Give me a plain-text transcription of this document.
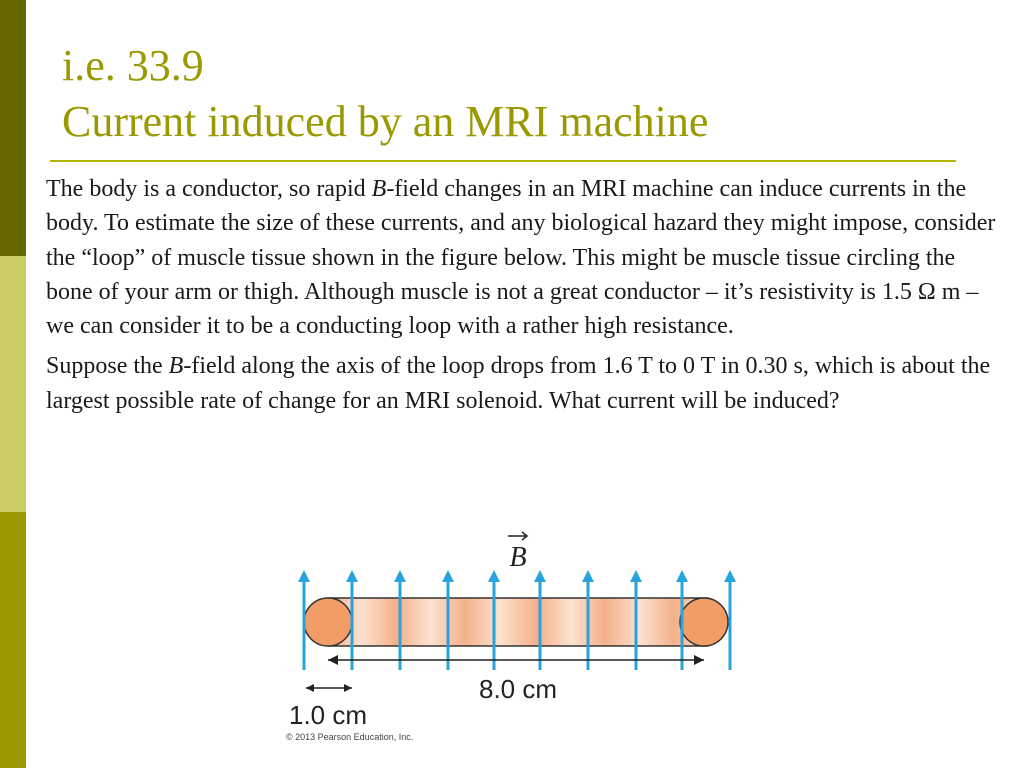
i.e. 33.9
Current induced by an MRI machine

The body is a conductor, so rapid B-field changes in an MRI machine can induce currents in the body. To estimate the size of these currents, and any biological hazard they might impose, consider the “loop” of muscle tissue shown in the figure below. This might be muscle tissue circling the bone of your arm or thigh. Although muscle is not a great conductor – it’s resistivity is 1.5 Ω m – we can consider it to be a conducting loop with a rather high resistance.

Suppose the B-field along the axis of the loop drops from 1.6 T to 0 T in 0.30 s, which is about the largest possible rate of change for an MRI solenoid. What current will be induced?

B
8.0 cm
1.0 cm
© 2013 Pearson Education, Inc.
